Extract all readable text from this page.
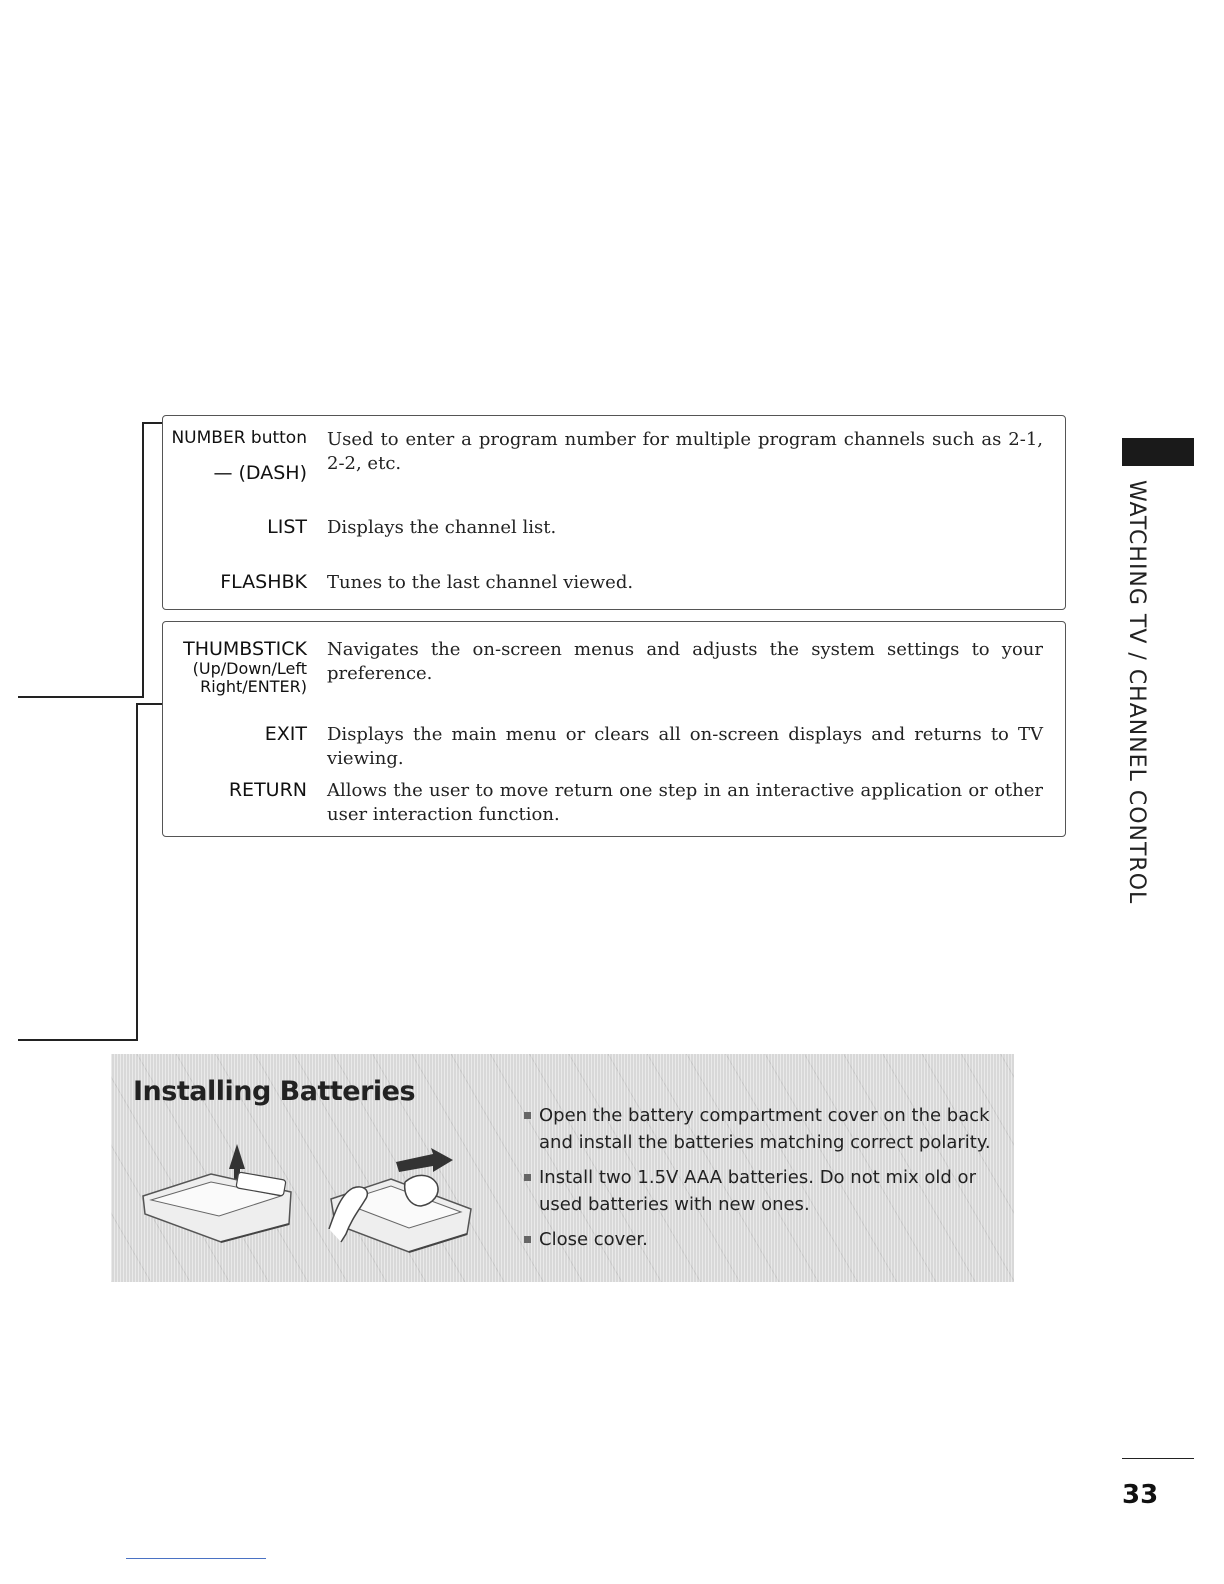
NUMBER button Used to enter a program number for multiple program channels such as 2-1, 2-2, etc.
— (DASH)
LIST Displays the channel list.
FLASHBK Tunes to the last channel viewed.
THUMBSTICK
(Up/Down/Left
Right/ENTER)
Navigates the on-screen menus and adjusts the system settings to your preference.
EXIT Displays the main menu or clears all on-screen displays and returns to TV viewing.
RETURN Allows the user to move return one step in an interactive application or other user interaction function.	WATCHING TV / CHANNEL CONTROL
Installing Batteries
Open the battery compartment cover on the back and install the batteries matching correct polarity.
Install two 1.5V AAA batteries. Do not mix old or used batteries with new ones.
Close cover.
33
